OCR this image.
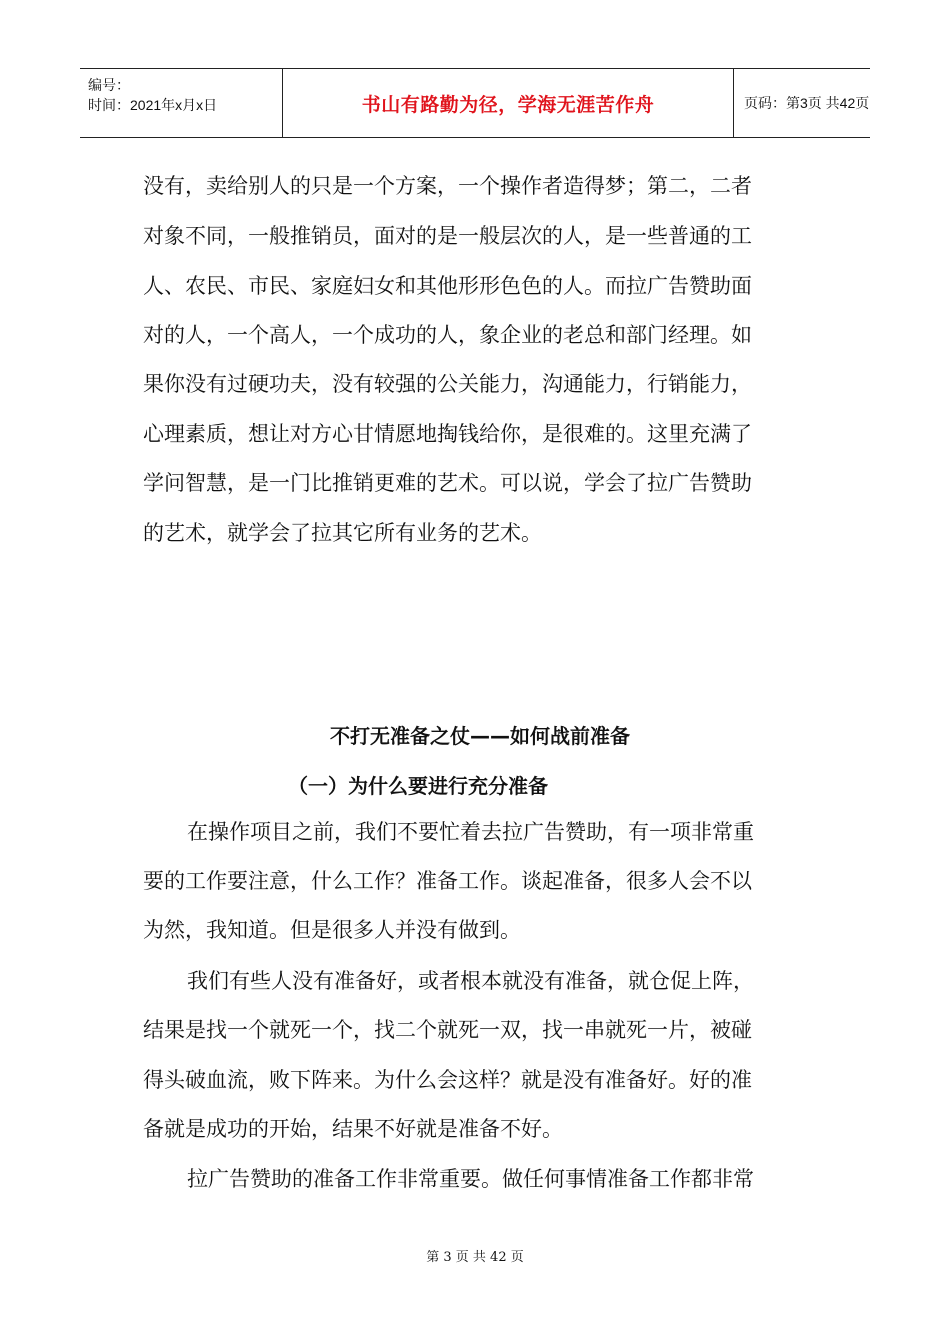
编号：
时间：2021年x月x日	书山有路勤为径，学海无涯苦作舟	页码：第3页 共42页
没有，卖给别人的只是一个方案，一个操作者造得梦；第二，二者
对象不同，一般推销员，面对的是一般层次的人，是一些普通的工
人、农民、市民、家庭妇女和其他形形色色的人。而拉广告赞助面
对的人，一个高人，一个成功的人，象企业的老总和部门经理。如
果你没有过硬功夫，没有较强的公关能力，沟通能力，行销能力，
心理素质，想让对方心甘情愿地掏钱给你，是很难的。这里充满了
学问智慧，是一门比推销更难的艺术。可以说，学会了拉广告赞助
的艺术，就学会了拉其它所有业务的艺术。
不打无准备之仗——如何战前准备
（一）为什么要进行充分准备
在操作项目之前，我们不要忙着去拉广告赞助，有一项非常重
要的工作要注意，什么工作？准备工作。谈起准备，很多人会不以
为然，我知道。但是很多人并没有做到。
我们有些人没有准备好，或者根本就没有准备，就仓促上阵，
结果是找一个就死一个，找二个就死一双，找一串就死一片，被碰
得头破血流，败下阵来。为什么会这样？就是没有准备好。好的准
备就是成功的开始，结果不好就是准备不好。
拉广告赞助的准备工作非常重要。做任何事情准备工作都非常
第 3 页 共 42 页
